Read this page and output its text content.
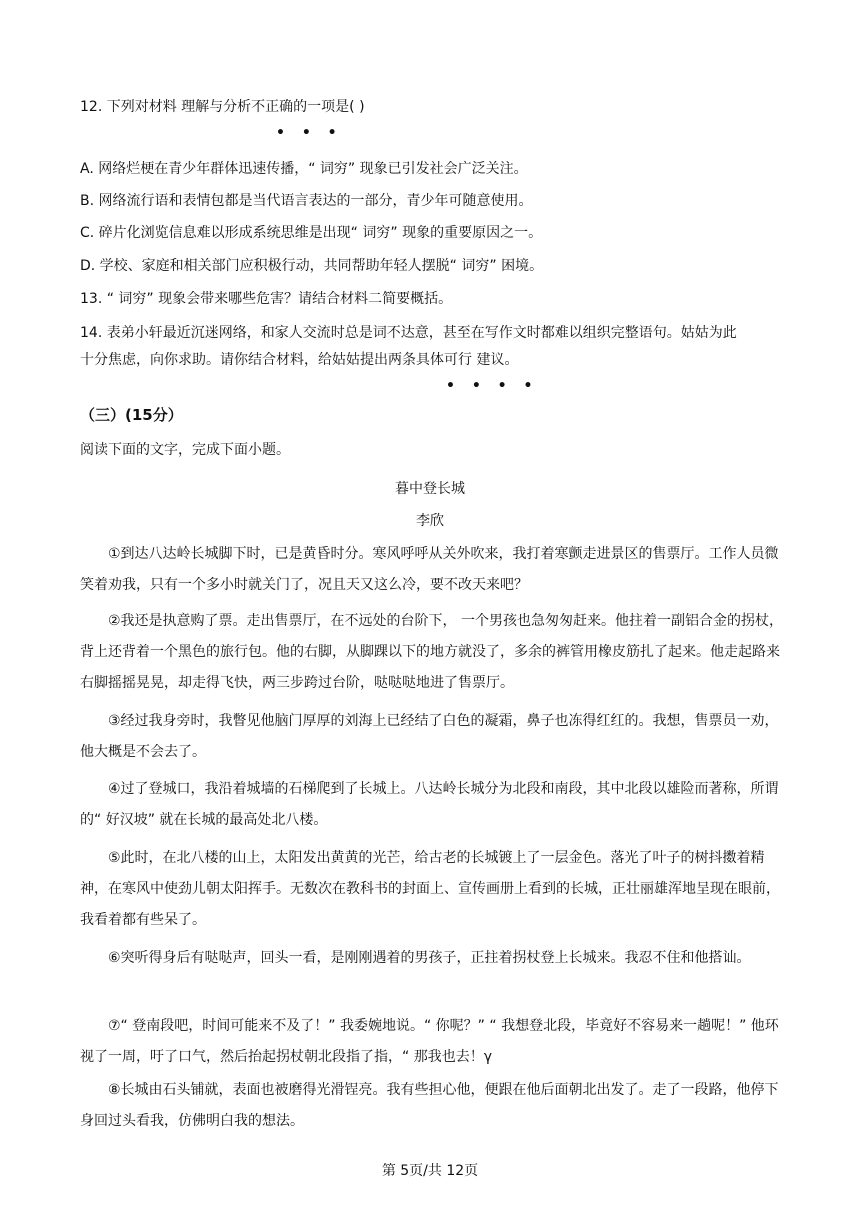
12. 下列对材料 理解与分析不正确的一项是( )
• • •
A. 网络烂梗在青少年群体迅速传播，“ 词穷” 现象已引发社会广泛关注。
B. 网络流行语和表情包都是当代语言表达的一部分，青少年可随意使用。
C. 碎片化浏览信息难以形成系统思维是出现“ 词穷” 现象的重要原因之一。
D. 学校、家庭和相关部门应积极行动，共同帮助年轻人摆脱“ 词穷” 困境。
13. “ 词穷” 现象会带来哪些危害？请结合材料二简要概括。
14. 表弟小轩最近沉迷网络，和家人交流时总是词不达意，甚至在写作文时都难以组织完整语句。姑姑为此
十分焦虑，向你求助。请你结合材料，给姑姑提出两条具体可行 建议。
• • • •
（三）(15分）
阅读下面的文字，完成下面小题。
暮中登长城
李欣
①到达八达岭长城脚下时，已是黄昏时分。寒风呼呼从关外吹来，我打着寒颤走进景区的售票厅。工作人员微笑着劝我，只有一个多小时就关门了，况且天又这么冷，要不改天来吧？
②我还是执意购了票。走出售票厅，在不远处的台阶下， 一个男孩也急匆匆赶来。他拄着一副铝合金的拐杖，背上还背着一个黑色的旅行包。他的右脚，从脚踝以下的地方就没了，多余的裤管用橡皮筋扎了起来。他走起路来右脚摇摇晃晃，却走得飞快，两三步跨过台阶，哒哒哒地进了售票厅。
③经过我身旁时，我瞥见他脑门厚厚的刘海上已经结了白色的凝霜，鼻子也冻得红红的。我想，售票员一劝，他大概是不会去了。
④过了登城口，我沿着城墙的石梯爬到了长城上。八达岭长城分为北段和南段，其中北段以雄险而著称，所谓的“ 好汉坡” 就在长城的最高处北八楼。
⑤此时，在北八楼的山上，太阳发出黄黄的光芒，给古老的长城镀上了一层金色。落光了叶子的树抖擞着精神，在寒风中使劲儿朝太阳挥手。无数次在教科书的封面上、宣传画册上看到的长城，正壮丽雄浑地呈现在眼前，我看着都有些呆了。
⑥突听得身后有哒哒声，回头一看，是刚刚遇着的男孩子，正拄着拐杖登上长城来。我忍不住和他搭讪。
⑦“ 登南段吧，时间可能来不及了！” 我委婉地说。“ 你呢？” “ 我想登北段，毕竟好不容易来一趟呢！” 他环视了一周，吁了口气，然后抬起拐杖朝北段指了指，“ 那我也去！γ
⑧长城由石头铺就，表面也被磨得光滑锃亮。我有些担心他，便跟在他后面朝北出发了。走了一段路，他停下身回过头看我，仿佛明白我的想法。
第 5页/共 12页
